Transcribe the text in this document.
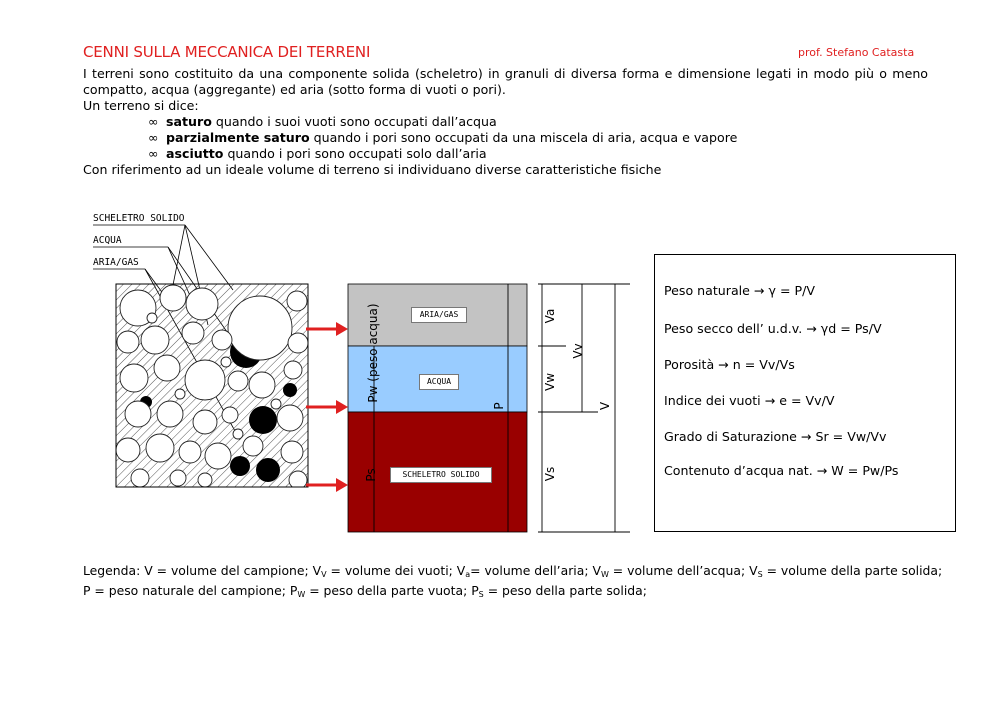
CENNI SULLA MECCANICA DEI TERRENI	prof. Stefano Catasta
I terreni sono costituito da una componente solida (scheletro) in granuli di diversa forma e dimensione legati in modo più o meno compatto, acqua (aggregante) ed aria (sotto forma di vuoti o pori).
Un terreno si dice:
∞ saturo quando i suoi vuoti sono occupati dall’acqua
∞ parzialmente saturo quando i pori sono occupati da una miscela di aria, acqua e vapore
∞ asciutto quando i pori sono occupati solo dall’aria
Con riferimento ad un ideale volume di terreno si individuano diverse caratteristiche fisiche
SCHELETRO SOLIDO
ACQUA
ARIA/GAS
ARIA/GAS
ACQUA
SCHELETRO SOLIDO
Pw (peso acqua)
P
Ps
Va
Vw
Vs
Vv
V
Peso naturale → γ = P/V
Peso secco dell’ u.d.v. → γd = Ps/V
Porosità → n = Vv/Vs
Indice dei vuoti → e = Vv/V
Grado di Saturazione → Sr = Vw/Vv
Contenuto d’acqua nat. → W = Pw/Ps
Legenda: V = volume del campione; $V_V$ = volume dei vuoti; $V_a=$ volume dell’aria; $V_W$ = volume dell’acqua; $V_S$ = volume della parte solida;
P = peso naturale del campione; $P_W$ = peso della parte vuota; $P_S$ = peso della parte solida;
